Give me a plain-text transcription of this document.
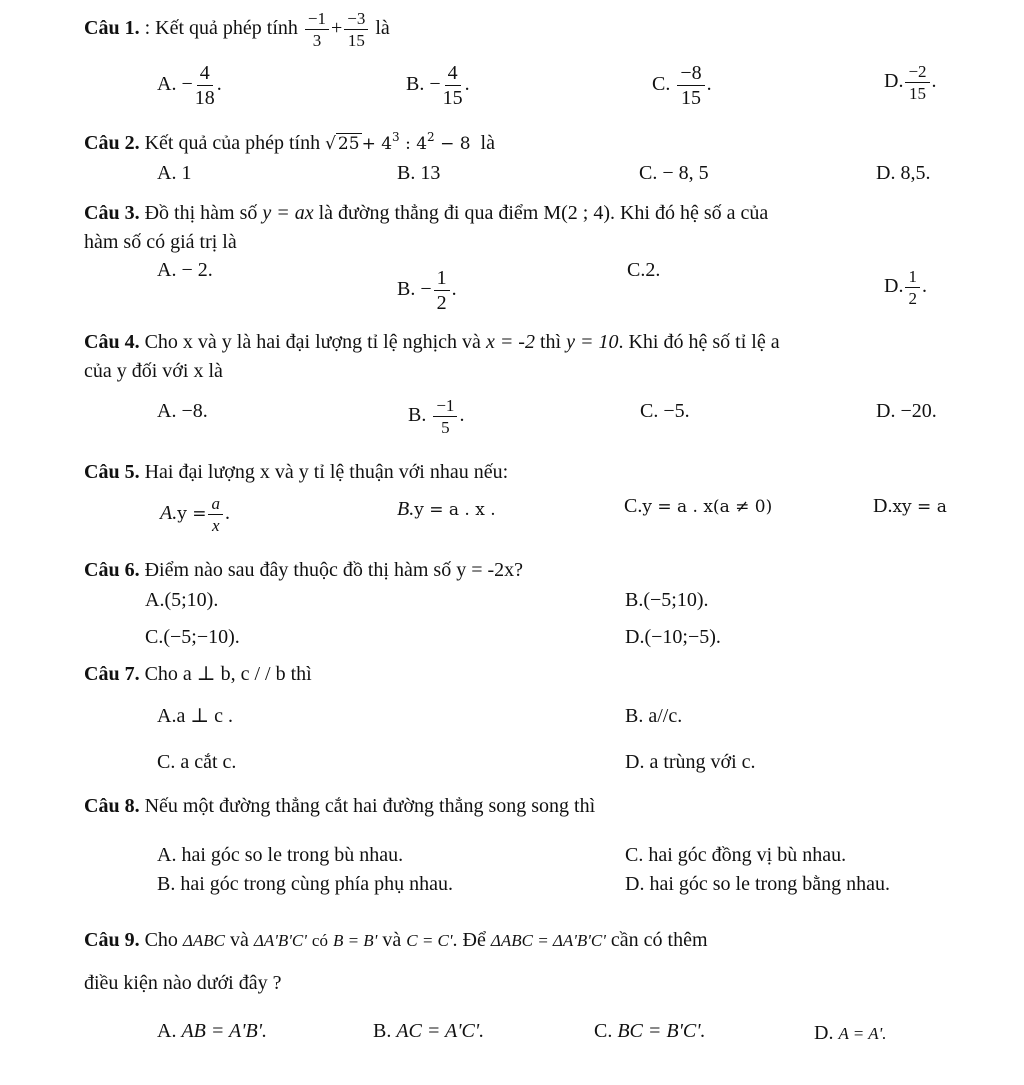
Câu 1. : Kết quả phép tính $\frac{-1}{3} + \frac{-3}{15}$ là
A. − $\frac{4}{18}$ .	B. − $\frac{4}{15}$ .	C. $\frac{-8}{15}$ .	D. $\frac{-2}{15}$ .
Câu 2. Kết quả của phép tính √ $25 + 4^3$ : $4^2 - 8$ là
A. 1	B. 13	C. − 8, 5	D. 8,5.
Câu 3. Đồ thị hàm số y = ax là đường thẳng đi qua điểm M(2 ; 4). Khi đó hệ số a của
hàm số có giá trị là
A. − 2.
B. − $\frac{1}{2}$ .
C.2.
D. $\frac{1}{2}$ .
Câu 4. Cho x và y là hai đại lượng tỉ lệ nghịch và x = -2 thì y = 10. Khi đó hệ số tỉ lệ a
của y đối với x là
A. −8.	B. $\frac{-1}{5}$ .	C. −5.	D. −20.
Câu 5. Hai đại lượng x và y tỉ lệ thuận với nhau nếu:
$A.y = \frac{a}{x}$ .	B.y = a . x .	C.y = a . x(a ≠ 0)	D.xy = a
Câu 6. Điểm nào sau đây thuộc đồ thị hàm số y = -2x?
A.(5;10).	B.(−5;10).
C.(−5;−10).	D.(−10;−5).
Câu 7. Cho a ⊥ b, c / / b thì
A.a ⊥ c .	B. a//c.
C. a cắt c.	D. a trùng với c.
Câu 8. Nếu một đường thẳng cắt hai đường thẳng song song thì
A. hai góc so le trong bù nhau.	C. hai góc đồng vị bù nhau.
B. hai góc trong cùng phía phụ nhau.	D. hai góc so le trong bằng nhau.
Câu 9. Cho ΔABC và ΔA'B'C' có B = B' và C = C'. Để ΔABC = ΔA'B'C' cần có thêm
điều kiện nào dưới đây ?
A. AB = A'B'.	B. AC = A'C'.	C. BC = B'C'.	D. A = A'.
